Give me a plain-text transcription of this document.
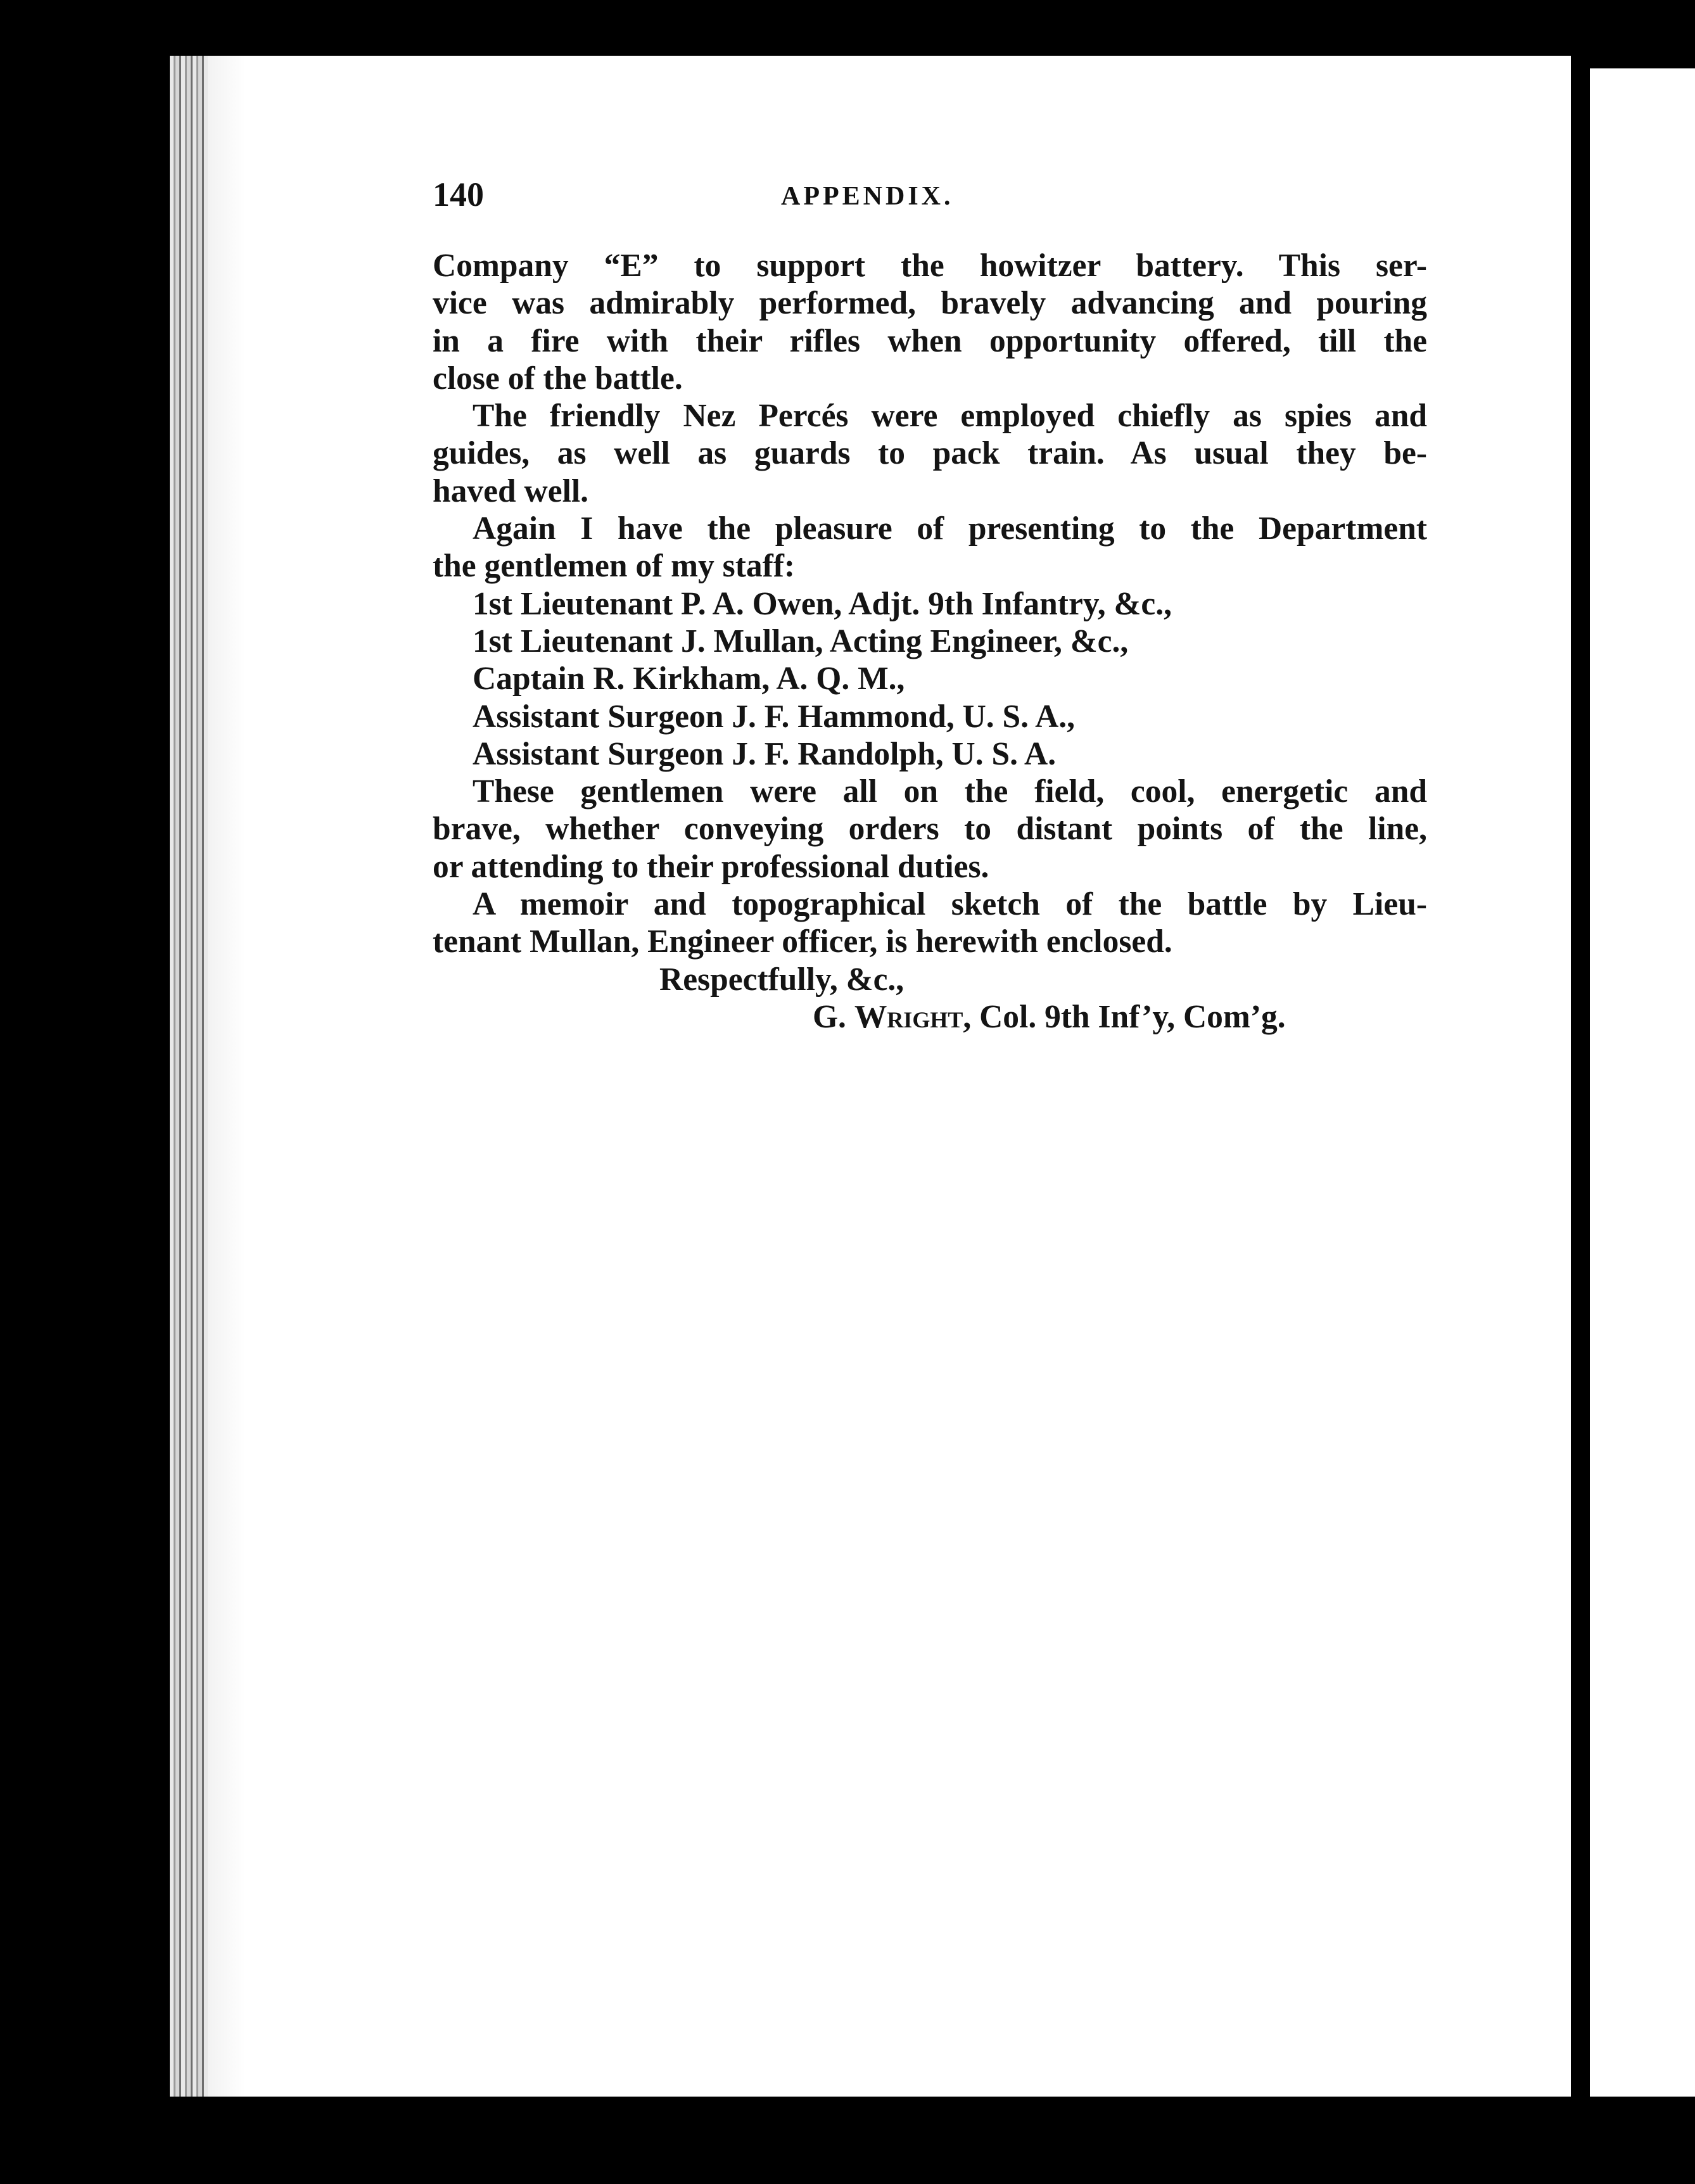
140	APPENDIX.
Company “E” to support the howitzer battery. This ser-
vice was admirably performed, bravely advancing and pouring
in a fire with their rifles when opportunity offered, till the
close of the battle.
The friendly Nez Percés were employed chiefly as spies and
guides, as well as guards to pack train. As usual they be-
haved well.
Again I have the pleasure of presenting to the Department
the gentlemen of my staff:
1st Lieutenant P. A. Owen, Adjt. 9th Infantry, &c.,
1st Lieutenant J. Mullan, Acting Engineer, &c.,
Captain R. Kirkham, A. Q. M.,
Assistant Surgeon J. F. Hammond, U. S. A.,
Assistant Surgeon J. F. Randolph, U. S. A.
These gentlemen were all on the field, cool, energetic and
brave, whether conveying orders to distant points of the line,
or attending to their professional duties.
A memoir and topographical sketch of the battle by Lieu-
tenant Mullan, Engineer officer, is herewith enclosed.
Respectfully, &c.,
G. Wright, Col. 9th Inf’y, Com’g.
